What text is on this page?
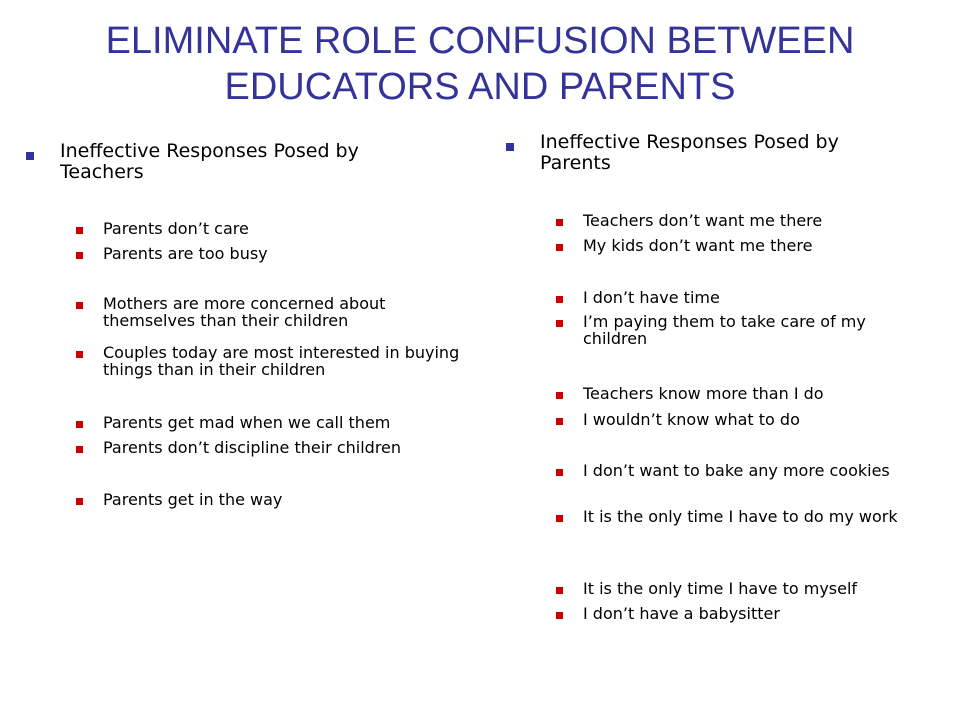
ELIMINATE ROLE CONFUSION BETWEEN
EDUCATORS AND PARENTS
Ineffective Responses Posed by Teachers
Parents don’t care
Parents are too busy
Mothers are more concerned about themselves than their children
Couples today are most interested in buying things than in their children
Parents get mad when we call them
Parents don’t discipline their children
Parents get in the way
Ineffective Responses Posed by Parents
Teachers don’t want me there
My kids don’t want me there
I don’t have time
I’m paying them to take care of my children
Teachers know more than I do
I wouldn’t know what to do
I don’t want to bake any more cookies
It is the only time I have to do my work
It is the only time I have to myself
I don’t have a babysitter
